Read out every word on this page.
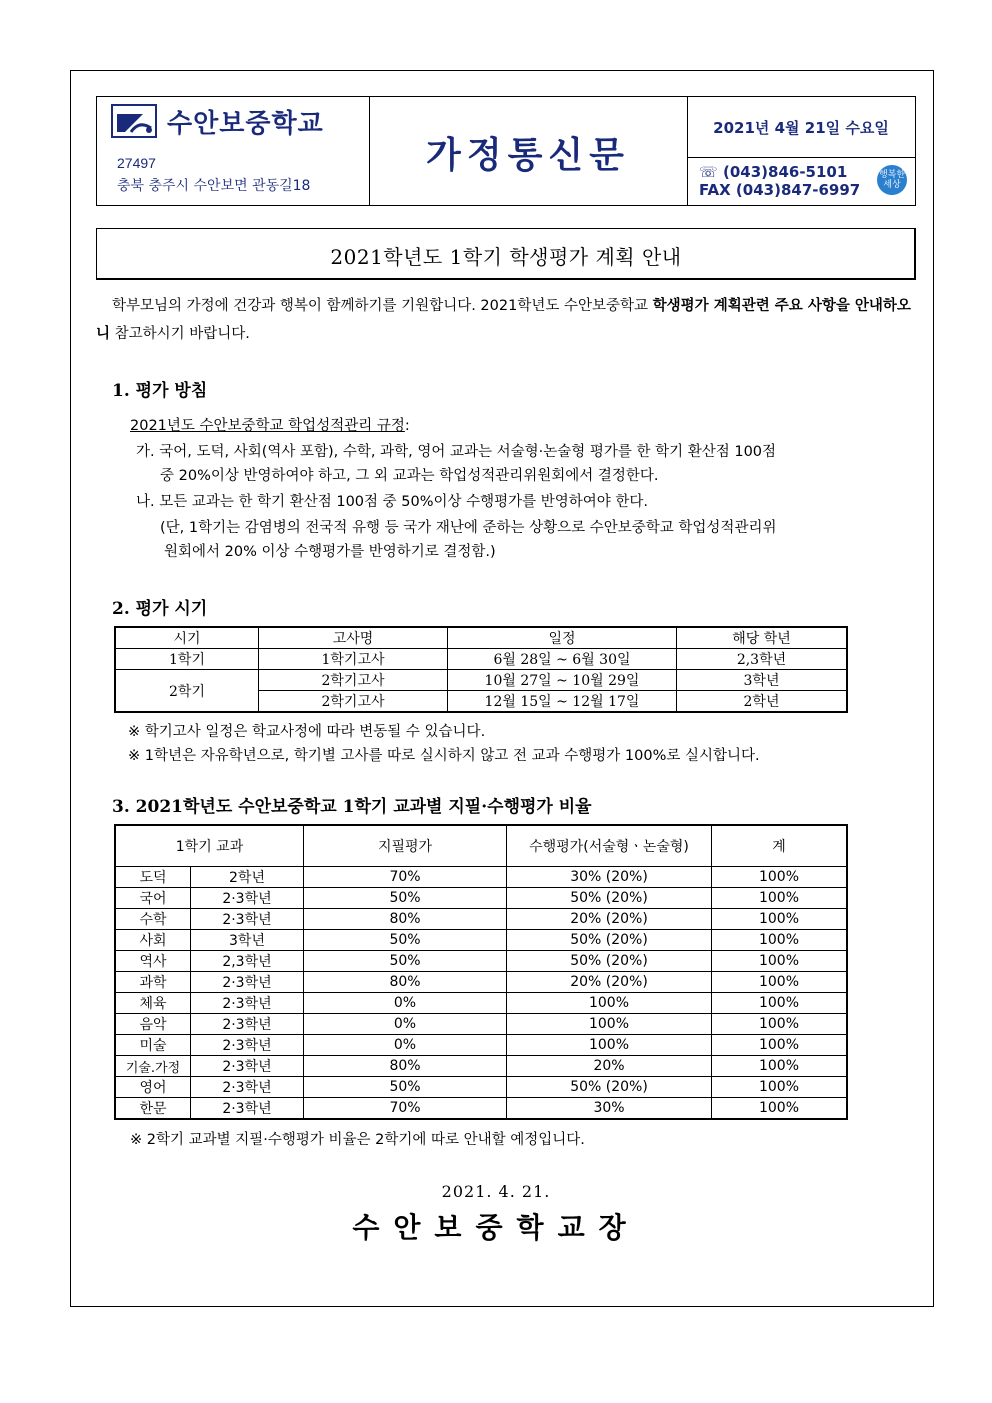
수안보중학교
27497
충북 충주시 수안보면 관동길18
가정통신문
2021년 4월 21일 수요일
☏ (043)846-5101
FAX (043)847-6997
행복한 세상
2021학년도 1학기 학생평가 계획 안내
학부모님의 가정에 건강과 행복이 함께하기를 기원합니다. 2021학년도 수안보중학교 학생평가 계획관련 주요 사항을 안내하오니 참고하시기 바랍니다.
1. 평가 방침
2021년도 수안보중학교 학업성적관리 규정:
가. 국어, 도덕, 사회(역사 포함), 수학, 과학, 영어 교과는 서술형·논술형 평가를 한 학기 환산점 100점
중 20%이상 반영하여야 하고, 그 외 교과는 학업성적관리위원회에서 결정한다.
나. 모든 교과는 한 학기 환산점 100점 중 50%이상 수행평가를 반영하여야 한다.
(단, 1학기는 감염병의 전국적 유행 등 국가 재난에 준하는 상황으로 수안보중학교 학업성적관리위
원회에서 20% 이상 수행평가를 반영하기로 결정함.)
2. 평가 시기
시기	고사명	일정	해당 학년
1학기	1학기고사	6월 28일 ~ 6월 30일	2,3학년
2학기	2학기고사	10월 27일 ~ 10월 29일	3학년
	2학기고사	12월 15일 ~ 12월 17일	2학년
※ 학기고사 일정은 학교사정에 따라 변동될 수 있습니다.
※ 1학년은 자유학년으로, 학기별 고사를 따로 실시하지 않고 전 교과 수행평가 100%로 실시합니다.
3. 2021학년도 수안보중학교 1학기 교과별 지필·수행평가 비율
1학기 교과		지필평가	수행평가(서술형ㆍ논술형)	계
도덕	2학년	70%	30% (20%)	100%
국어	2·3학년	50%	50% (20%)	100%
수학	2·3학년	80%	20% (20%)	100%
사회	3학년	50%	50% (20%)	100%
역사	2,3학년	50%	50% (20%)	100%
과학	2·3학년	80%	20% (20%)	100%
체육	2·3학년	0%	100%	100%
음악	2·3학년	0%	100%	100%
미술	2·3학년	0%	100%	100%
기술.가정	2·3학년	80%	20%	100%
영어	2·3학년	50%	50% (20%)	100%
한문	2·3학년	70%	30%	100%
※ 2학기 교과별 지필·수행평가 비율은 2학기에 따로 안내할 예정입니다.
2021. 4. 21.
수안보중학교장
